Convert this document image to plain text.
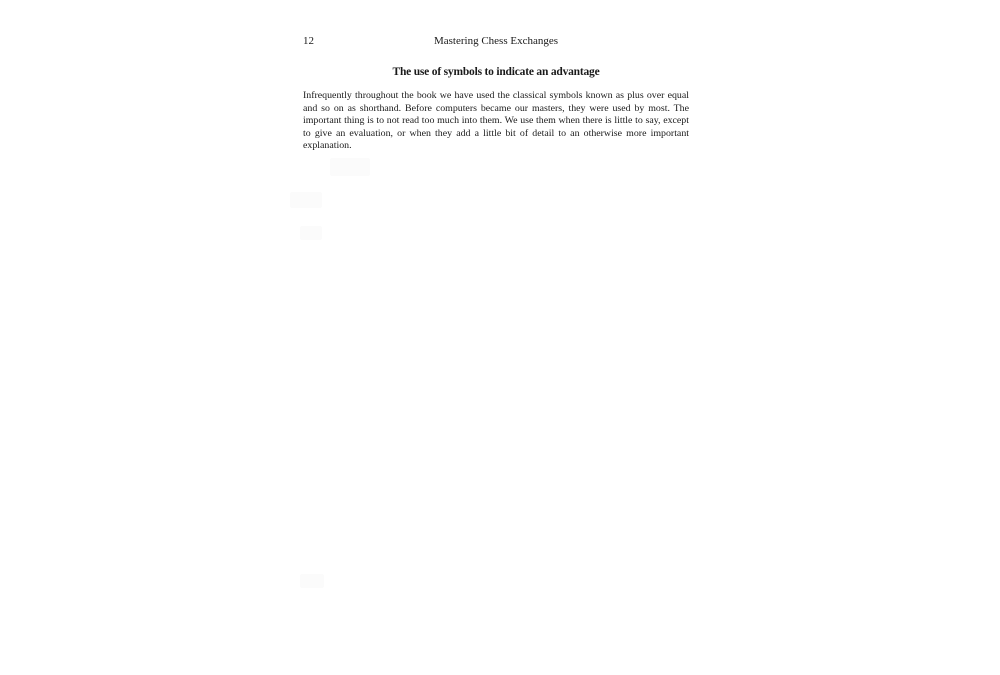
12	Mastering Chess Exchanges
The use of symbols to indicate an advantage

Infrequently throughout the book we have used the classical symbols known as plus over equal and so on as shorthand. Before computers became our masters, they were used by most. The important thing is to not read too much into them. We use them when there is little to say, except to give an evaluation, or when they add a little bit of detail to an otherwise more important explanation.
